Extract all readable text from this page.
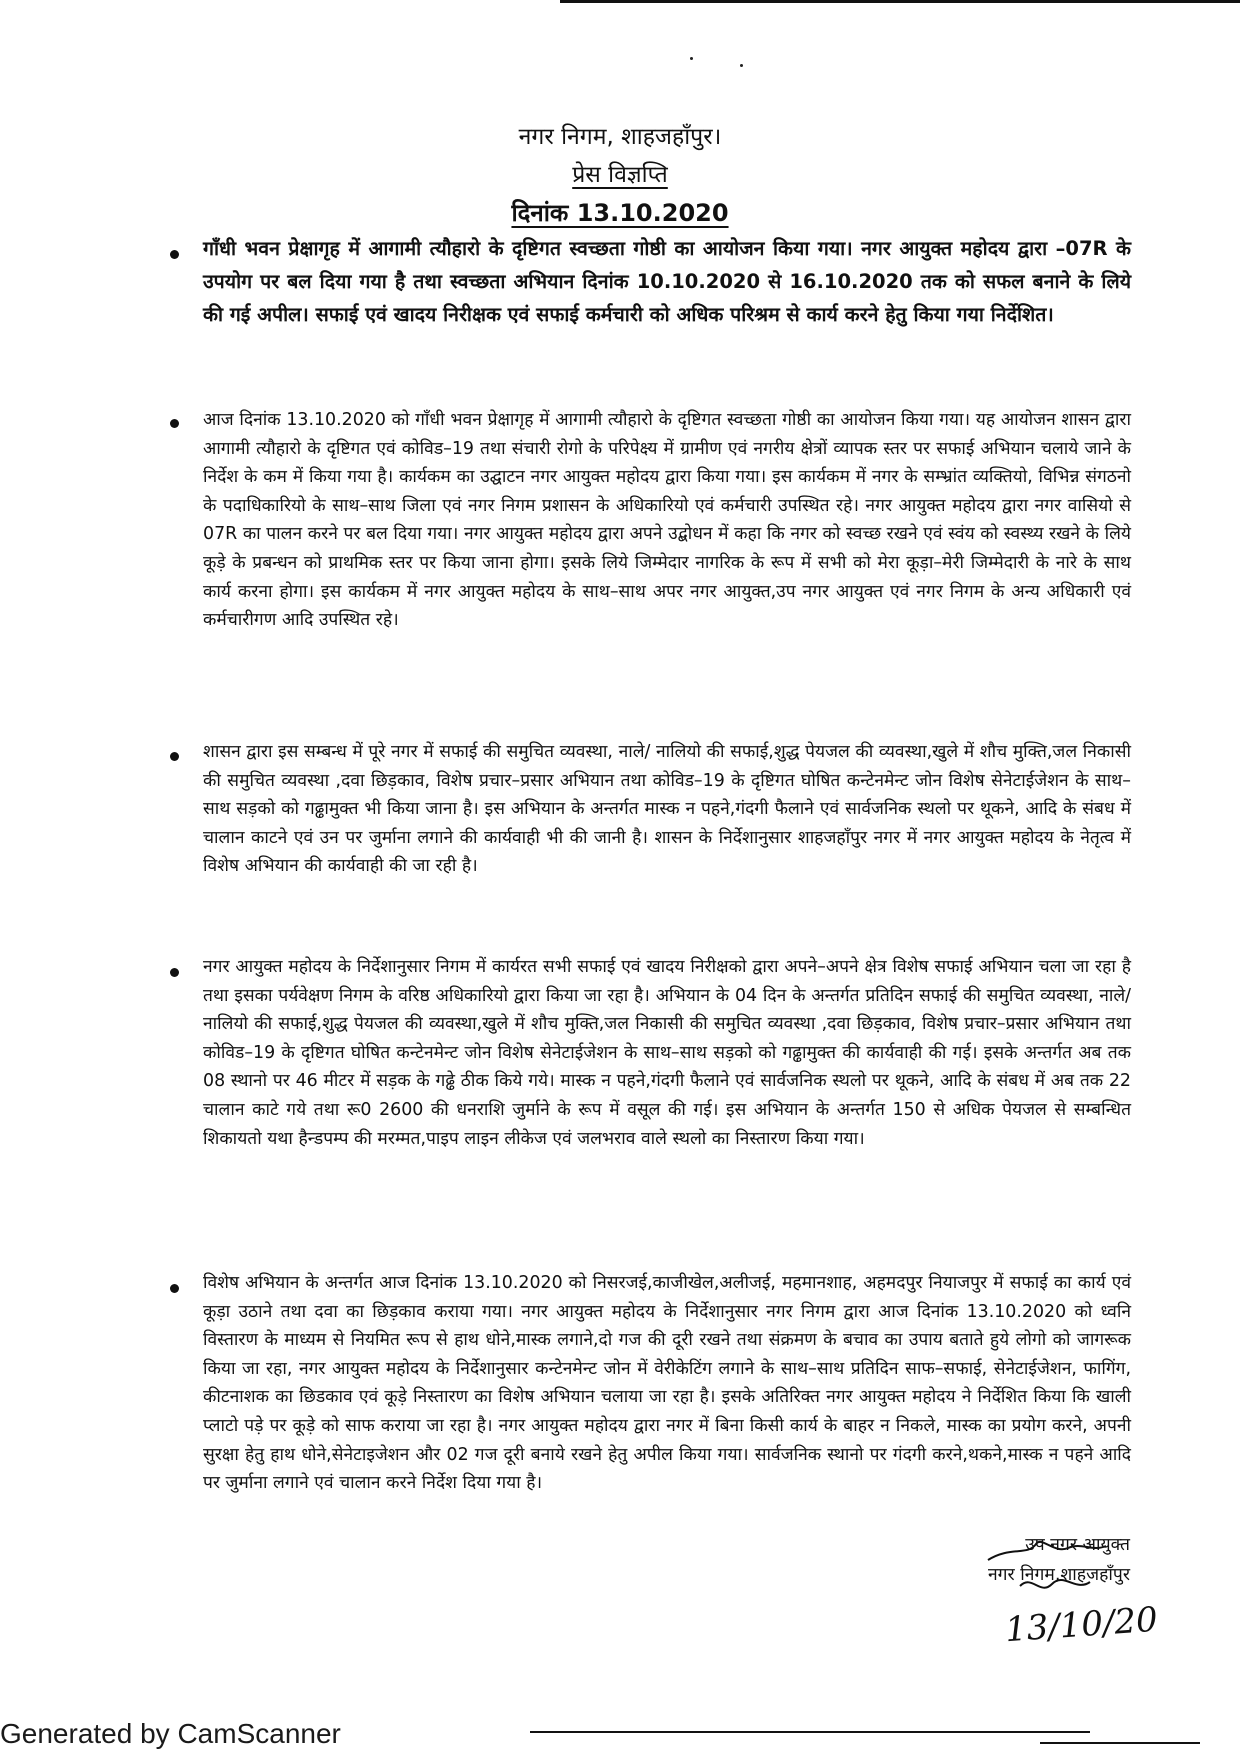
नगर निगम, शाहजहाँपुर।
प्रेस विज्ञप्ति
दिनांक 13.10.2020
गाँधी भवन प्रेक्षागृह में आगामी त्यौहारो के दृष्टिगत स्वच्छता गोष्ठी का आयोजन किया गया। नगर आयुक्त महोदय द्वारा –07R के उपयोग पर बल दिया गया है तथा स्वच्छता अभियान दिनांक 10.10.2020 से 16.10.2020 तक को सफल बनाने के लिये की गई अपील। सफाई एवं खादय निरीक्षक एवं सफाई कर्मचारी को अधिक परिश्रम से कार्य करने हेतु किया गया निर्देशित।
आज दिनांक 13.10.2020 को गाँधी भवन प्रेक्षागृह में आगामी त्यौहारो के दृष्टिगत स्वच्छता गोष्ठी का आयोजन किया गया। यह आयोजन शासन द्वारा आगामी त्यौहारो के दृष्टिगत एवं कोविड–19 तथा संचारी रोगो के परिपेक्ष्य में ग्रामीण एवं नगरीय क्षेत्रों व्यापक स्तर पर सफाई अभियान चलाये जाने के निर्देश के कम में किया गया है। कार्यकम का उद्घाटन नगर आयुक्त महोदय द्वारा किया गया। इस कार्यकम में नगर के सम्भ्रांत व्यक्तियो, विभिन्न संगठनो के पदाधिकारियो के साथ–साथ जिला एवं नगर निगम प्रशासन के अधिकारियो एवं कर्मचारी उपस्थित रहे। नगर आयुक्त महोदय द्वारा नगर वासियो से 07R का पालन करने पर बल दिया गया। नगर आयुक्त महोदय द्वारा अपने उद्बोधन में कहा कि नगर को स्वच्छ रखने एवं स्वंय को स्वस्थ्य रखने के लिये कूड़े के प्रबन्धन को प्राथमिक स्तर पर किया जाना होगा। इसके लिये जिम्मेदार नागरिक के रूप में सभी को मेरा कूड़ा–मेरी जिम्मेदारी के नारे के साथ कार्य करना होगा। इस कार्यकम में नगर आयुक्त महोदय के साथ–साथ अपर नगर आयुक्त,उप नगर आयुक्त एवं नगर निगम के अन्य अधिकारी एवं कर्मचारीगण आदि उपस्थित रहे।
शासन द्वारा इस सम्बन्ध में पूरे नगर में सफाई की समुचित व्यवस्था, नाले/ नालियो की सफाई,शुद्ध पेयजल की व्यवस्था,खुले में शौच मुक्ति,जल निकासी की समुचित व्यवस्था ,दवा छिड़काव, विशेष प्रचार–प्रसार अभियान तथा कोविड–19 के दृष्टिगत घोषित कन्टेनमेन्ट जोन विशेष सेनेटाईजेशन के साथ–साथ सड़को को गढ्ढामुक्त भी किया जाना है। इस अभियान के अन्तर्गत मास्क न पहने,गंदगी फैलाने एवं सार्वजनिक स्थलो पर थूकने, आदि के संबध में चालान काटने एवं उन पर जुर्माना लगाने की कार्यवाही भी की जानी है। शासन के निर्देशानुसार शाहजहाँपुर नगर में नगर आयुक्त महोदय के नेतृत्व में विशेष अभियान की कार्यवाही की जा रही है।
नगर आयुक्त महोदय के निर्देशानुसार निगम में कार्यरत सभी सफाई एवं खादय निरीक्षको द्वारा अपने–अपने क्षेत्र विशेष सफाई अभियान चला जा रहा है तथा इसका पर्यवेक्षण निगम के वरिष्ठ अधिकारियो द्वारा किया जा रहा है। अभियान के 04 दिन के अन्तर्गत प्रतिदिन सफाई की समुचित व्यवस्था, नाले/ नालियो की सफाई,शुद्ध पेयजल की व्यवस्था,खुले में शौच मुक्ति,जल निकासी की समुचित व्यवस्था ,दवा छिड़काव, विशेष प्रचार–प्रसार अभियान तथा कोविड–19 के दृष्टिगत घोषित कन्टेनमेन्ट जोन विशेष सेनेटाईजेशन के साथ–साथ सड़को को गढ्ढामुक्त की कार्यवाही की गई। इसके अन्तर्गत अब तक 08 स्थानो पर 46 मीटर में सड़क के गढ्ढे ठीक किये गये। मास्क न पहने,गंदगी फैलाने एवं सार्वजनिक स्थलो पर थूकने, आदि के संबध में अब तक 22 चालान काटे गये तथा रू0 2600 की धनराशि जुर्माने के रूप में वसूल की गई। इस अभियान के अन्तर्गत 150 से अधिक पेयजल से सम्बन्धित शिकायतो यथा हैन्डपम्प की मरम्मत,पाइप लाइन लीकेज एवं जलभराव वाले स्थलो का निस्तारण किया गया।
विशेष अभियान के अन्तर्गत आज दिनांक 13.10.2020 को निसरजई,काजीखेल,अलीजई, महमानशाह, अहमदपुर नियाजपुर में सफाई का कार्य एवं कूड़ा उठाने तथा दवा का छिड़काव कराया गया। नगर आयुक्त महोदय के निर्देशानुसार नगर निगम द्वारा आज दिनांक 13.10.2020 को ध्वनि विस्तारण के माध्यम से नियमित रूप से हाथ धोने,मास्क लगाने,दो गज की दूरी रखने तथा संक्रमण के बचाव का उपाय बताते हुये लोगो को जागरूक किया जा रहा, नगर आयुक्त महोदय के निर्देशानुसार कन्टेनमेन्ट जोन में वेरीकेटिंग लगाने के साथ–साथ प्रतिदिन साफ–सफाई, सेनेटाईजेशन, फागिंग, कीटनाशक का छिडकाव एवं कूड़े निस्तारण का विशेष अभियान चलाया जा रहा है। इसके अतिरिक्त नगर आयुक्त महोदय ने निर्देशित किया कि खाली प्लाटो पड़े पर कूड़े को साफ कराया जा रहा है। नगर आयुक्त महोदय द्वारा नगर में बिना किसी कार्य के बाहर न निकले, मास्क का प्रयोग करने, अपनी सुरक्षा हेतु हाथ धोने,सेनेटाइजेशन और 02 गज दूरी बनाये रखने हेतु अपील किया गया। सार्वजनिक स्थानो पर गंदगी करने,थकने,मास्क न पहने आदि पर जुर्माना लगाने एवं चालान करने निर्देश दिया गया है।
उप नगर आयुक्त
नगर निगम,शाहजहाँपुर
13/10/20
Generated by CamScanner
